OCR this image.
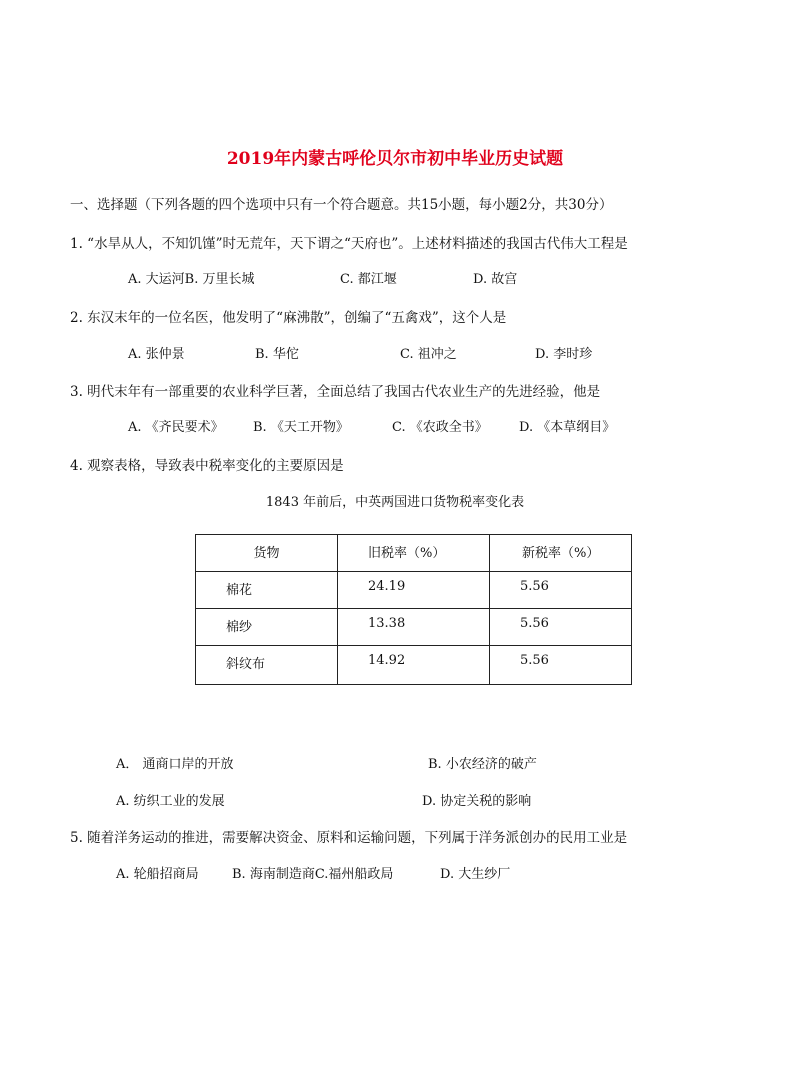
2019年内蒙古呼伦贝尔市初中毕业历史试题
一、选择题（下列各题的四个选项中只有一个符合题意。共15小题，每小题2分，共30分）
1. “水旱从人，不知饥馑”时无荒年，天下谓之“天府也”。上述材料描述的我国古代伟大工程是
A. 大运河B. 万里长城	C. 都江堰	D. 故宫
2. 东汉末年的一位名医，他发明了“麻沸散”，创编了“五禽戏”，这个人是
A. 张仲景	B. 华佗	C. 祖冲之	D. 李时珍
3. 明代末年有一部重要的农业科学巨著，全面总结了我国古代农业生产的先进经验，他是
A. 《齐民要术》 B. 《天工开物》	C. 《农政全书》 D. 《本草纲目》
4. 观察表格，导致表中税率变化的主要原因是
1843 年前后，中英两国进口货物税率变化表
货物	旧税率（%）	新税率（%）
棉花	24.19	5.56
棉纱	13.38	5.56
斜纹布	14.92	5.56
A． 通商口岸的开放	B. 小农经济的破产
A. 纺织工业的发展	D. 协定关税的影响
5. 随着洋务运动的推进，需要解决资金、原料和运输问题，下列属于洋务派创办的民用工业是
A. 轮船招商局	B. 海南制造商C.福州船政局	D. 大生纱厂
